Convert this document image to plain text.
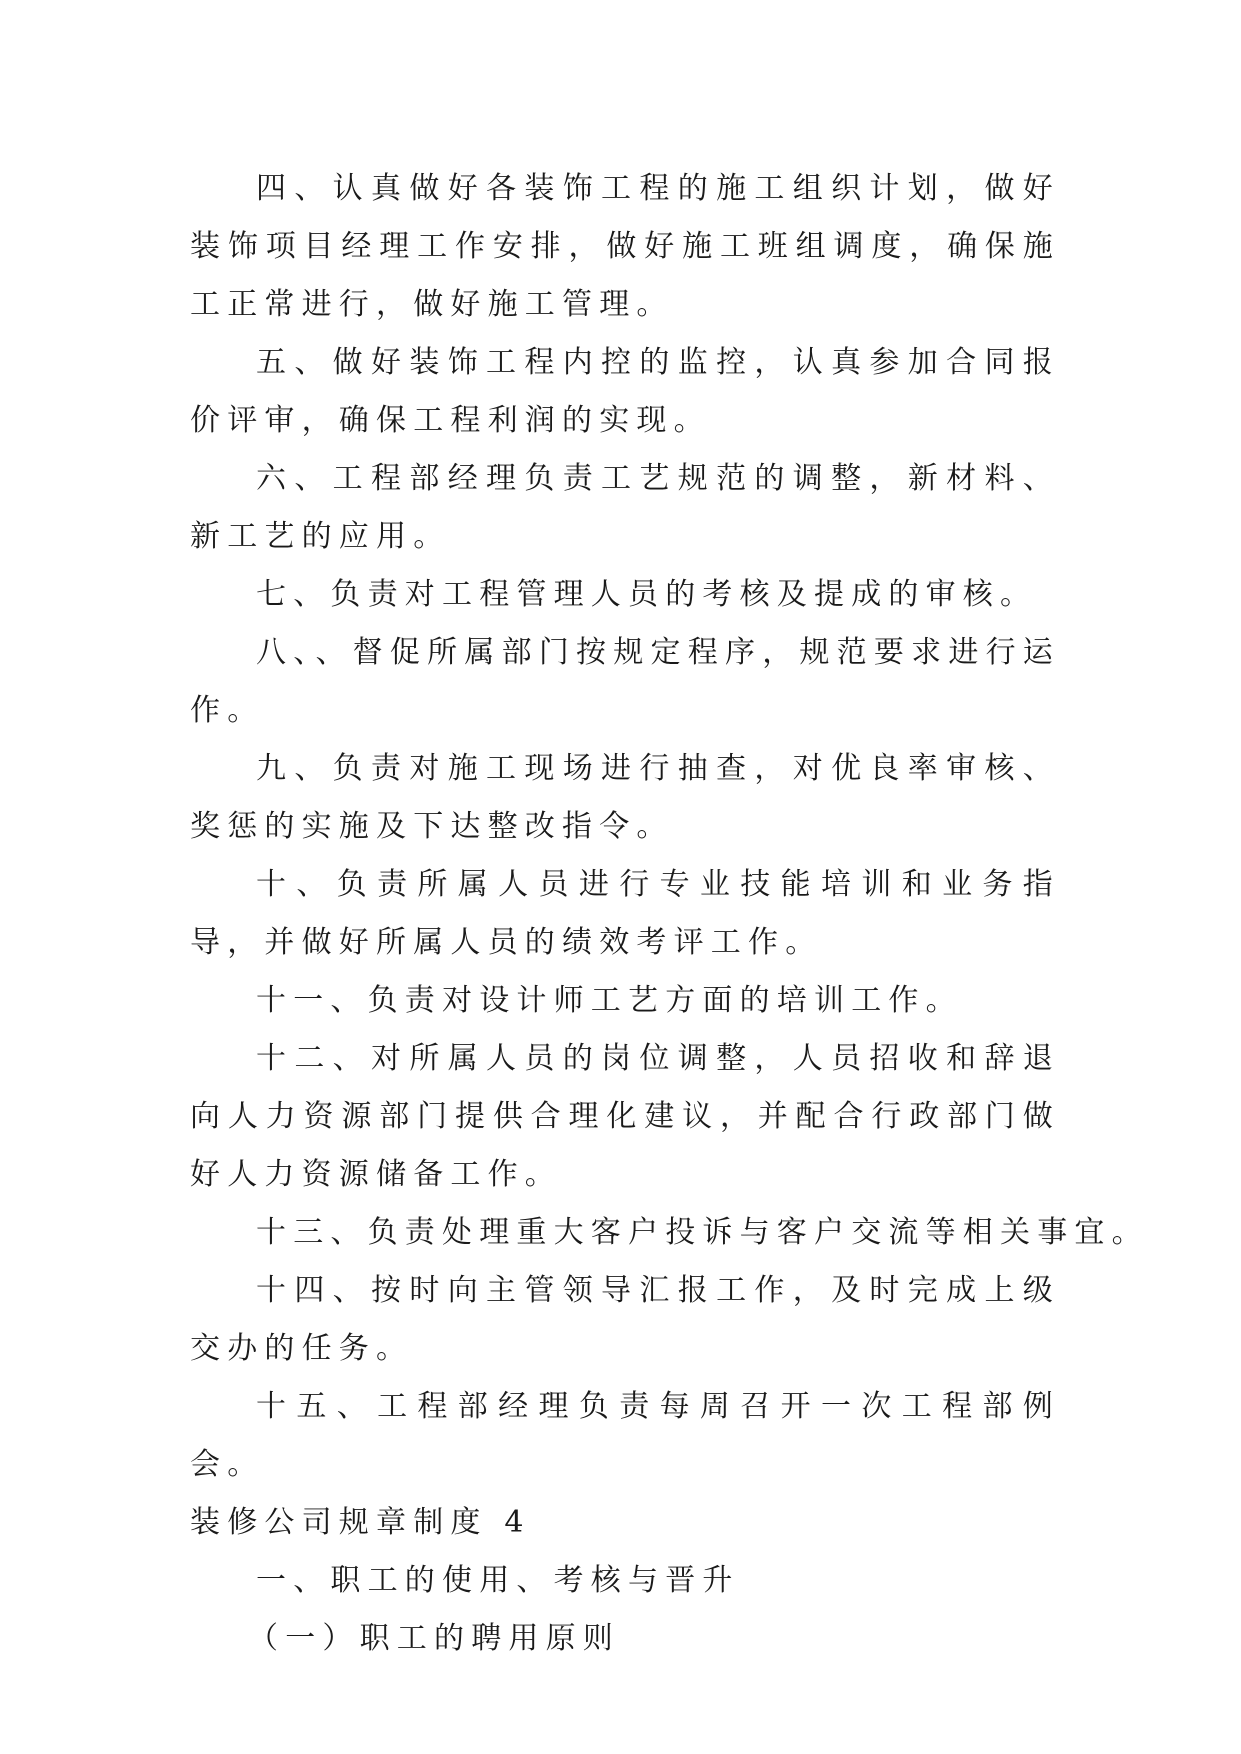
四、认真做好各装饰工程的施工组织计划，做好装饰项目经理工作安排，做好施工班组调度，确保施工正常进行，做好施工管理。

五、做好装饰工程内控的监控，认真参加合同报价评审，确保工程利润的实现。

六、工程部经理负责工艺规范的调整，新材料、新工艺的应用。

七、负责对工程管理人员的考核及提成的审核。

八、、督促所属部门按规定程序，规范要求进行运作。

九、负责对施工现场进行抽查，对优良率审核、奖惩的实施及下达整改指令。

十、负责所属人员进行专业技能培训和业务指导，并做好所属人员的绩效考评工作。

十一、负责对设计师工艺方面的培训工作。

十二、对所属人员的岗位调整，人员招收和辞退向人力资源部门提供合理化建议，并配合行政部门做好人力资源储备工作。

十三、负责处理重大客户投诉与客户交流等相关事宜。

十四、按时向主管领导汇报工作，及时完成上级交办的任务。

十五、工程部经理负责每周召开一次工程部例会。

装修公司规章制度 4

一、职工的使用、考核与晋升

（一）职工的聘用原则
